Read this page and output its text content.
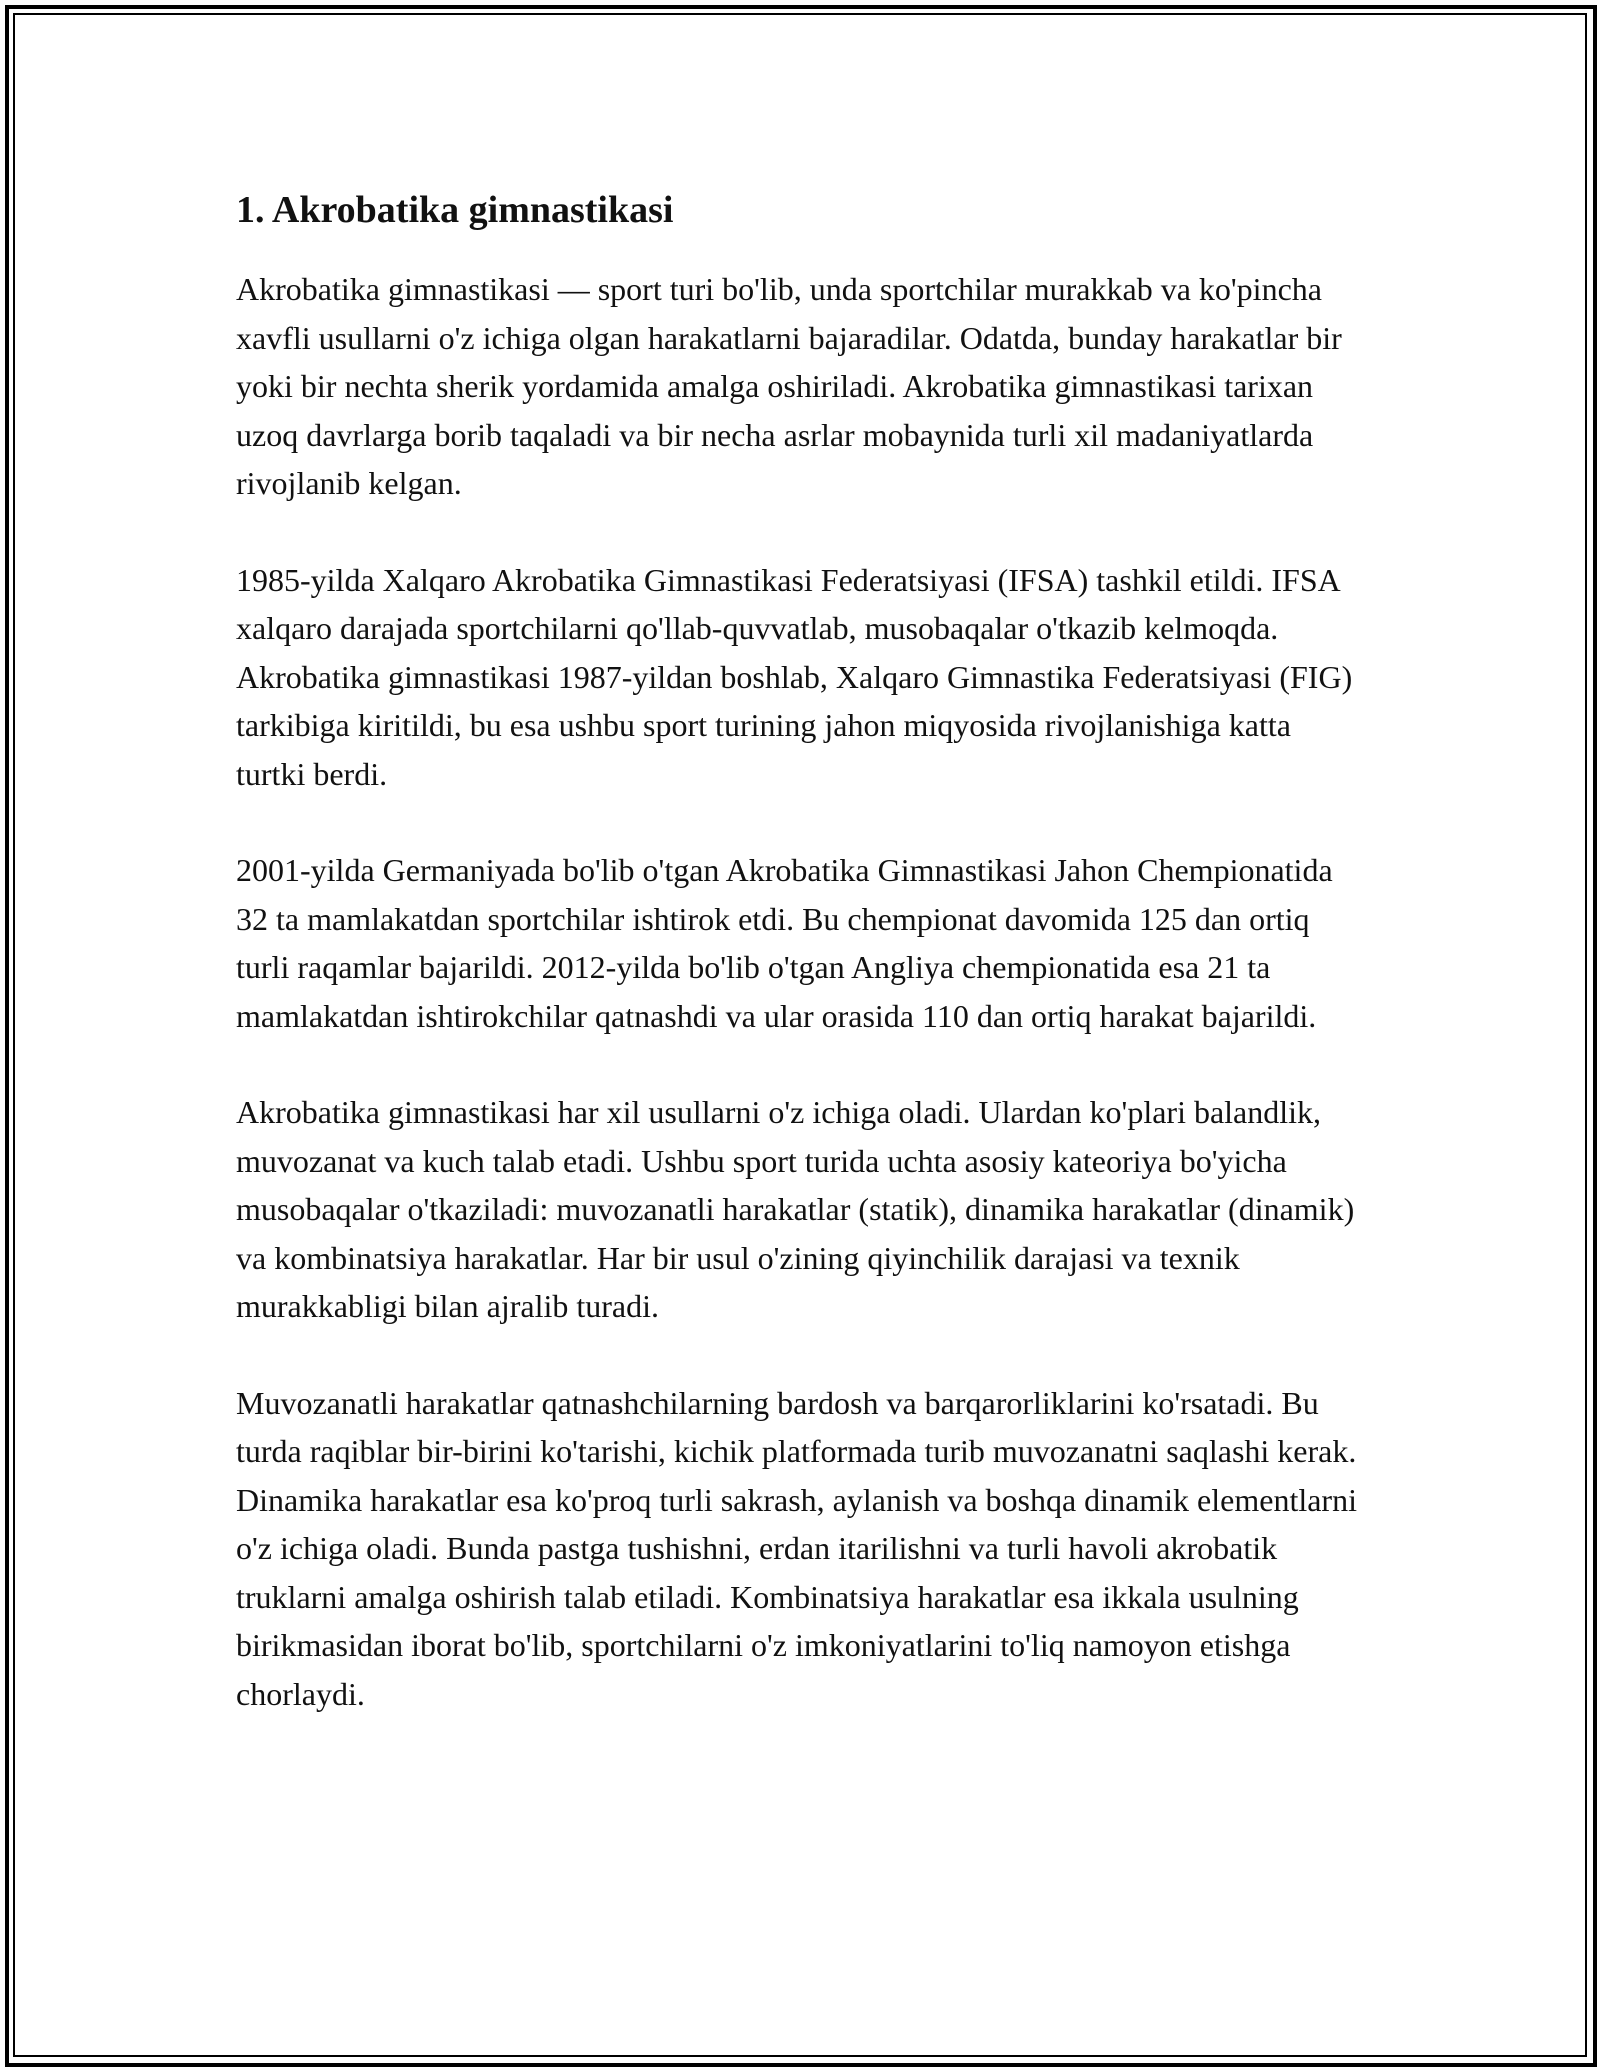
1. Akrobatika gimnastikasi

Akrobatika gimnastikasi — sport turi bo'lib, unda sportchilar murakkab va ko'pincha xavfli usullarni o'z ichiga olgan harakatlarni bajaradilar. Odatda, bunday harakatlar bir yoki bir nechta sherik yordamida amalga oshiriladi. Akrobatika gimnastikasi tarixan uzoq davrlarga borib taqaladi va bir necha asrlar mobaynida turli xil madaniyatlarda rivojlanib kelgan.

1985-yilda Xalqaro Akrobatika Gimnastikasi Federatsiyasi (IFSA) tashkil etildi. IFSA xalqaro darajada sportchilarni qo'llab-quvvatlab, musobaqalar o'tkazib kelmoqda. Akrobatika gimnastikasi 1987-yildan boshlab, Xalqaro Gimnastika Federatsiyasi (FIG) tarkibiga kiritildi, bu esa ushbu sport turining jahon miqyosida rivojlanishiga katta turtki berdi.

2001-yilda Germaniyada bo'lib o'tgan Akrobatika Gimnastikasi Jahon Chempionatida 32 ta mamlakatdan sportchilar ishtirok etdi. Bu chempionat davomida 125 dan ortiq turli raqamlar bajarildi. 2012-yilda bo'lib o'tgan Angliya chempionatida esa 21 ta mamlakatdan ishtirokchilar qatnashdi va ular orasida 110 dan ortiq harakat bajarildi.

Akrobatika gimnastikasi har xil usullarni o'z ichiga oladi. Ulardan ko'plari balandlik, muvozanat va kuch talab etadi. Ushbu sport turida uchta asosiy kateoriya bo'yicha musobaqalar o'tkaziladi: muvozanatli harakatlar (statik), dinamika harakatlar (dinamik) va kombinatsiya harakatlar. Har bir usul o'zining qiyinchilik darajasi va texnik murakkabligi bilan ajralib turadi.

Muvozanatli harakatlar qatnashchilarning bardosh va barqarorliklarini ko'rsatadi. Bu turda raqiblar bir-birini ko'tarishi, kichik platformada turib muvozanatni saqlashi kerak. Dinamika harakatlar esa ko'proq turli sakrash, aylanish va boshqa dinamik elementlarni o'z ichiga oladi. Bunda pastga tushishni, erdan itarilishni va turli havoli akrobatik truklarni amalga oshirish talab etiladi. Kombinatsiya harakatlar esa ikkala usulning birikmasidan iborat bo'lib, sportchilarni o'z imkoniyatlarini to'liq namoyon etishga chorlaydi.
